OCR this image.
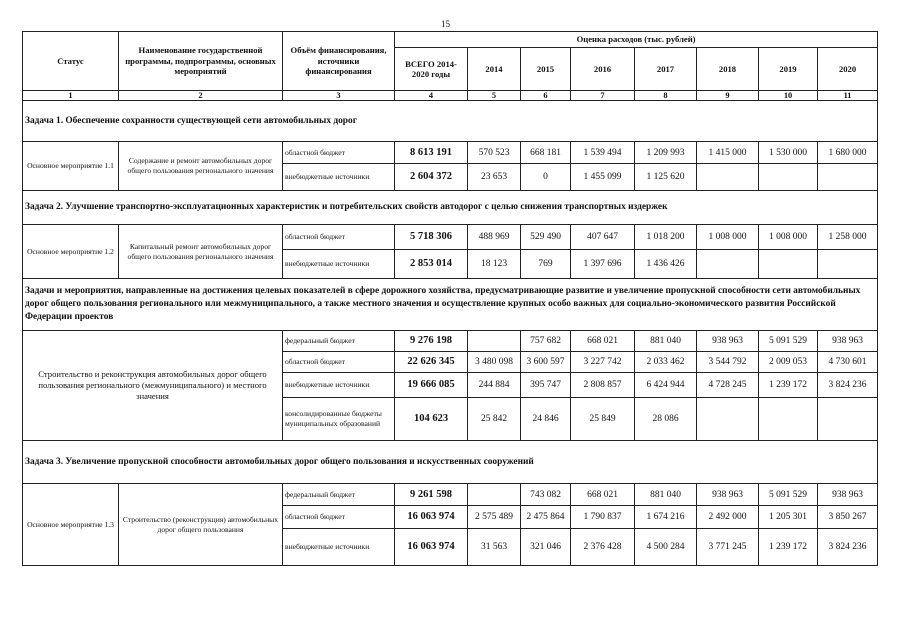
15
Статус	Наименование государственной программы, подпрограммы, основных мероприятий	Объём финансирования, источники финансирования	Оценка расходов (тыс. рублей)							
			ВСЕГО 2014-2020 годы	2014	2015	2016	2017	2018	2019	2020
1	2	3	4	5	6	7	8	9	10	11
Задача 1. Обеспечение сохранности существующей сети автомобильных дорог										
Основное мероприятие 1.1	Содержание и ремонт автомобильных дорог общего пользования регионального значения	областной бюджет	8 613 191	570 523	668 181	1 539 494	1 209 993	1 415 000	1 530 000	1 680 000
		внебюджетные источники	2 604 372	23 653	0	1 455 099	1 125 620			
Задача 2. Улучшение транспортно-эксплуатационных характеристик и потребительских свойств автодорог с целью снижения транспортных издержек										
Основное мероприятие 1.2	Капитальный ремонт автомобильных дорог общего пользования регионального значения	областной бюджет	5 718 306	488 969	529 490	407 647	1 018 200	1 008 000	1 008 000	1 258 000
		внебюджетные источники	2 853 014	18 123	769	1 397 696	1 436 426			
Задачи и мероприятия, направленные на достижения целевых показателей в сфере дорожного хозяйства, предусматривающие развитие и увеличение пропускной способности сети автомобильных дорог общего пользования регионального или межмуниципального, а также местного значения и осуществление крупных особо важных для социально-экономического развития Российской Федерации проектов										
Строительство и реконструкция автомобильных дорог общего пользования регионального (межмуниципального) и местного значения		федеральный бюджет	9 276 198		757 682	668 021	881 040	938 963	5 091 529	938 963
		областной бюджет	22 626 345	3 480 098	3 600 597	3 227 742	2 033 462	3 544 792	2 009 053	4 730 601
		внебюджетные источники	19 666 085	244 884	395 747	2 808 857	6 424 944	4 728 245	1 239 172	3 824 236
		консолидированные бюджеты муниципальных образований	104 623	25 842	24 846	25 849	28 086			
Задача 3. Увеличение пропускной способности автомобильных дорог общего пользования и искусственных сооружений										
Основное мероприятие 1.3	Строительство (реконструкция) автомобильных дорог общего пользования	федеральный бюджет	9 261 598		743 082	668 021	881 040	938 963	5 091 529	938 963
		областной бюджет	16 063 974	2 575 489	2 475 864	1 790 837	1 674 216	2 492 000	1 205 301	3 850 267
		внебюджетные источники	16 063 974	31 563	321 046	2 376 428	4 500 284	3 771 245	1 239 172	3 824 236
